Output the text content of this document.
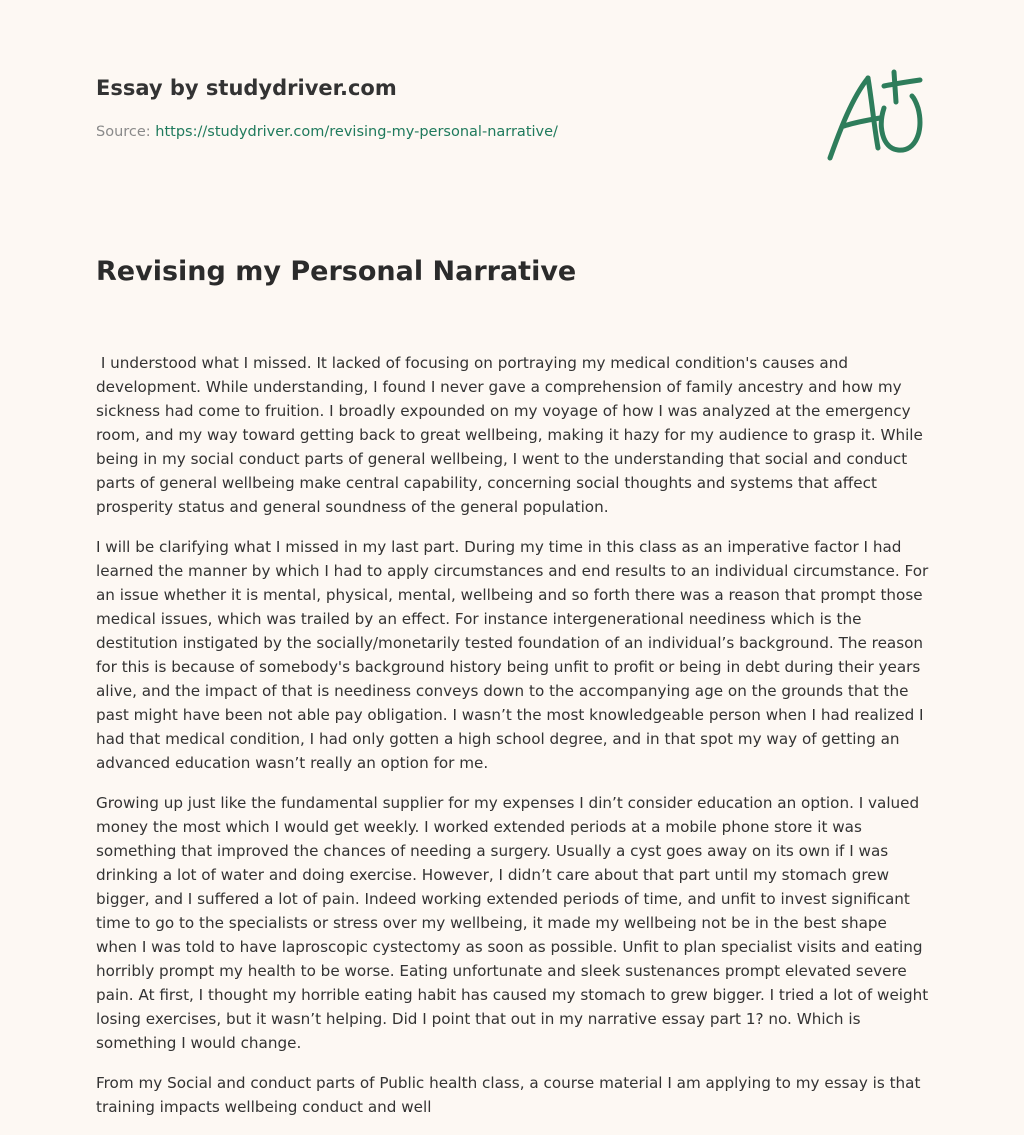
Essay by studydriver.com
Source: https://studydriver.com/revising-my-personal-narrative/
Revising my Personal Narrative

I understood what I missed. It lacked of focusing on portraying my medical condition's causes and development. While understanding, I found I never gave a comprehension of family ancestry and how my sickness had come to fruition. I broadly expounded on my voyage of how I was analyzed at the emergency room, and my way toward getting back to great wellbeing, making it hazy for my audience to grasp it. While being in my social conduct parts of general wellbeing, I went to the understanding that social and conduct parts of general wellbeing make central capability, concerning social thoughts and systems that affect prosperity status and general soundness of the general population.

I will be clarifying what I missed in my last part. During my time in this class as an imperative factor I had learned the manner by which I had to apply circumstances and end results to an individual circumstance. For an issue whether it is mental, physical, mental, wellbeing and so forth there was a reason that prompt those medical issues, which was trailed by an effect. For instance intergenerational neediness which is the destitution instigated by the socially/monetarily tested foundation of an individual’s background. The reason for this is because of somebody's background history being unfit to profit or being in debt during their years alive, and the impact of that is neediness conveys down to the accompanying age on the grounds that the past might have been not able pay obligation. I wasn’t the most knowledgeable person when I had realized I had that medical condition, I had only gotten a high school degree, and in that spot my way of getting an advanced education wasn’t really an option for me.

Growing up just like the fundamental supplier for my expenses I din’t consider education an option. I valued money the most which I would get weekly. I worked extended periods at a mobile phone store it was something that improved the chances of needing a surgery. Usually a cyst goes away on its own if I was drinking a lot of water and doing exercise. However, I didn’t care about that part until my stomach grew bigger, and I suffered a lot of pain. Indeed working extended periods of time, and unfit to invest significant time to go to the specialists or stress over my wellbeing, it made my wellbeing not be in the best shape when I was told to have laproscopic cystectomy as soon as possible. Unfit to plan specialist visits and eating horribly prompt my health to be worse. Eating unfortunate and sleek sustenances prompt elevated severe pain. At first, I thought my horrible eating habit has caused my stomach to grew bigger. I tried a lot of weight losing exercises, but it wasn’t helping. Did I point that out in my narrative essay part 1? no. Which is something I would change.

From my Social and conduct parts of Public health class, a course material I am applying to my essay is that training impacts wellbeing conduct and well
